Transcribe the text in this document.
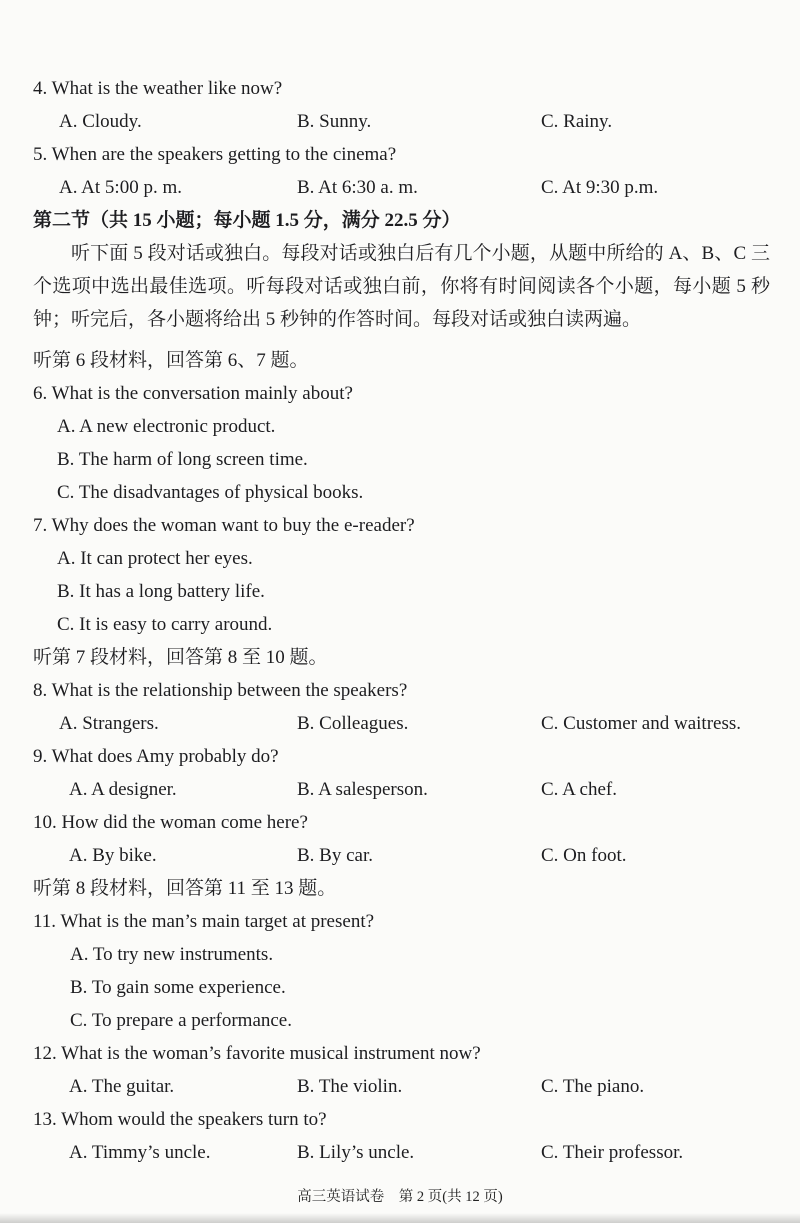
4. What is the weather like now?
A. Cloudy.	B. Sunny.	C. Rainy.
5. When are the speakers getting to the cinema?
A. At 5:00 p. m.	B. At 6:30 a. m.	C. At 9:30 p.m.
第二节（共 15 小题；每小题 1.5 分，满分 22.5 分）
听下面 5 段对话或独白。每段对话或独白后有几个小题，从题中所给的 A、B、C 三个选项中选出最佳选项。听每段对话或独白前，你将有时间阅读各个小题，每小题 5 秒钟；听完后，各小题将给出 5 秒钟的作答时间。每段对话或独白读两遍。
听第 6 段材料，回答第 6、7 题。
6. What is the conversation mainly about?
A. A new electronic product.
B. The harm of long screen time.
C. The disadvantages of physical books.
7. Why does the woman want to buy the e-reader?
A. It can protect her eyes.
B. It has a long battery life.
C. It is easy to carry around.
听第 7 段材料，回答第 8 至 10 题。
8. What is the relationship between the speakers?
A. Strangers.	B. Colleagues.	C. Customer and waitress.
9. What does Amy probably do?
A. A designer.	B. A salesperson.	C. A chef.
10. How did the woman come here?
A. By bike.	B. By car.	C. On foot.
听第 8 段材料，回答第 11 至 13 题。
11. What is the man’s main target at present?
A. To try new instruments.
B. To gain some experience.
C. To prepare a performance.
12. What is the woman’s favorite musical instrument now?
A. The guitar.	B. The violin.	C. The piano.
13. Whom would the speakers turn to?
A. Timmy’s uncle.	B. Lily’s uncle.	C. Their professor.
高三英语试卷　第 2 页(共 12 页)
